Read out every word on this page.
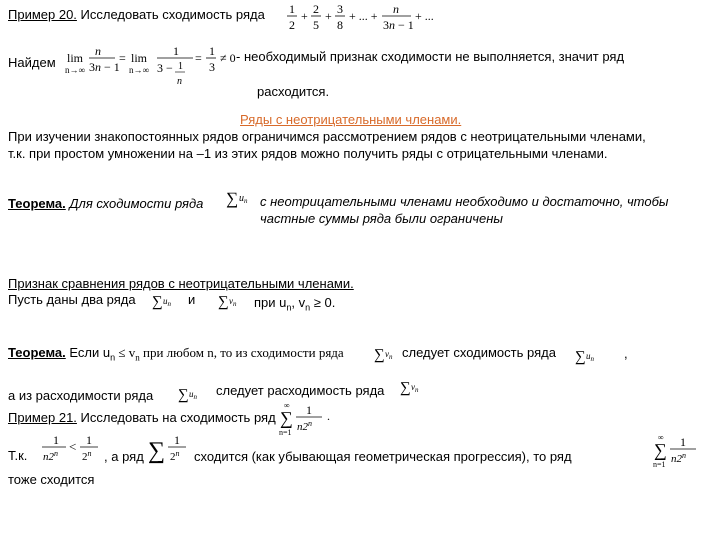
Пример 20. Исследовать сходимость ряда 1
2
+ 2
5
+ 3
8
+ ... + n
3n − 1
+ ...
Найдем lim
n→∞
n
3n − 1
= lim
n→∞
1
3 − 1
n
= 1
3
≠ 0 - необходимый признак сходимости не выполняется, значит ряд
расходится.
Ряды с неотрицательными членами.
При изучении знакопостоянных рядов ограничимся рассмотрением рядов с неотрицательными членами,
т.к. при простом умножении на –1 из этих рядов можно получить ряды с отрицательными членами.
Теорема. Для сходимости ряда ∑ $u_n$ с неотрицательными членами необходимо и достаточно, чтобы
частные суммы ряда были ограничены
Признак сравнения рядов с неотрицательными членами.
Пусть даны два ряда ∑ $u_n$ и ∑ $v_n$ при $u_n$, $v_n \ge 0$.
Теорема. Если $u_n \le v_n$ при любом n, то из сходимости ряда ∑ $v_n$ следует сходимость ряда ∑ $u_n$ ,
а из расходимости ряда ∑ $u_n$ следует расходимость ряда ∑ $v_n$
Пример 21. Исследовать на сходимость ряд
∞
∑
n=1
1
n2$^n$
.
Т.к.
1
$n2^n < 1$
2$^n$ , а ряд ∑ 1
2$^n$ сходится (как убывающая геометрическая прогрессия), то ряд
∞
∑
n=1
1
n2$^n$
тоже сходится
